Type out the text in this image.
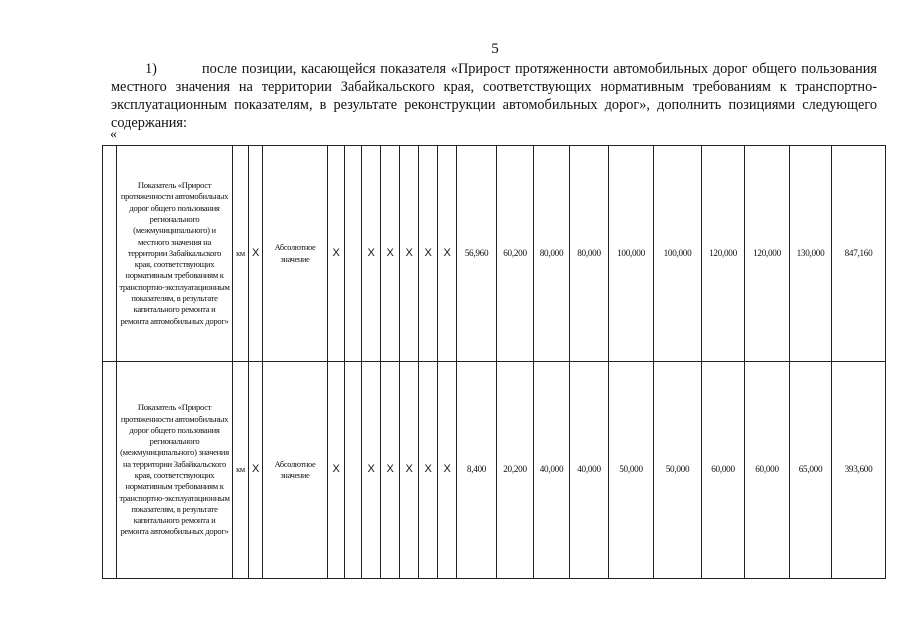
5
1)	после позиции, касающейся показателя «Прирост протяженности автомобильных дорог общего пользования местного значения на территории Забайкальского края, соответствующих нормативным требованиям к транспортно-эксплуатационным показателям, в результате реконструкции автомобильных дорог», дополнить позициями следующего содержания:
«
	Показатель «Прирост протяженности автомобильных дорог общего пользования регионального (межмуниципального) и местного значения на территории Забайкальского края, соответствующих нормативным требованиям к транспортно-эксплуатационным показателям, в результате капитального ремонта и ремонта автомобильных дорог»	км	X	Абсолютное значение	X		X	X	X	X	X	56,960	60,200	80,000	80,000	100,000	100,000	120,000	120,000	130,000	847,160
	Показатель «Прирост протяженности автомобильных дорог общего пользования регионального (межмуниципального) значения на территории Забайкальского края, соответствующих нормативным требованиям к транспортно-эксплуатационным показателям, в результате капитального ремонта и ремонта автомобильных дорог»	км	X	Абсолютное значение	X		X	X	X	X	X	8,400	20,200	40,000	40,000	50,000	50,000	60,000	60,000	65,000	393,600
